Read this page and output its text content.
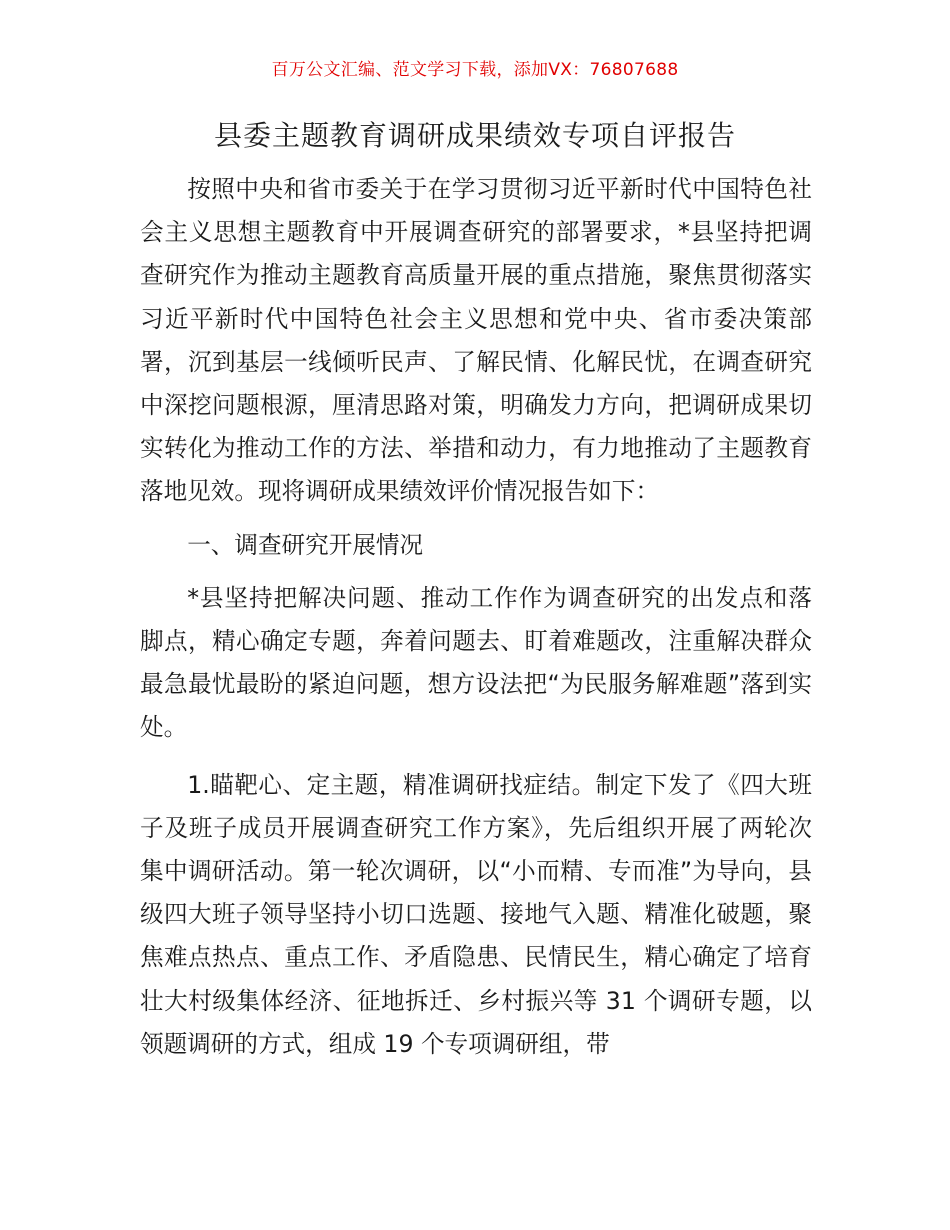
百万公文汇编、范文学习下载，添加VX：76807688
县委主题教育调研成果绩效专项自评报告

按照中央和省市委关于在学习贯彻习近平新时代中国特色社会主义思想主题教育中开展调查研究的部署要求，*县坚持把调查研究作为推动主题教育高质量开展的重点措施，聚焦贯彻落实习近平新时代中国特色社会主义思想和党中央、省市委决策部署，沉到基层一线倾听民声、了解民情、化解民忧，在调查研究中深挖问题根源，厘清思路对策，明确发力方向，把调研成果切实转化为推动工作的方法、举措和动力，有力地推动了主题教育落地见效。现将调研成果绩效评价情况报告如下：

一、调查研究开展情况

*县坚持把解决问题、推动工作作为调查研究的出发点和落脚点，精心确定专题，奔着问题去、盯着难题改，注重解决群众最急最忧最盼的紧迫问题，想方设法把“为民服务解难题”落到实处。

1.瞄靶心、定主题，精准调研找症结。制定下发了《四大班子及班子成员开展调查研究工作方案》，先后组织开展了两轮次集中调研活动。第一轮次调研，以“小而精、专而准”为导向，县级四大班子领导坚持小切口选题、接地气入题、精准化破题，聚焦难点热点、重点工作、矛盾隐患、民情民生，精心确定了培育壮大村级集体经济、征地拆迁、乡村振兴等 31 个调研专题，以领题调研的方式，组成 19 个专项调研组，带
